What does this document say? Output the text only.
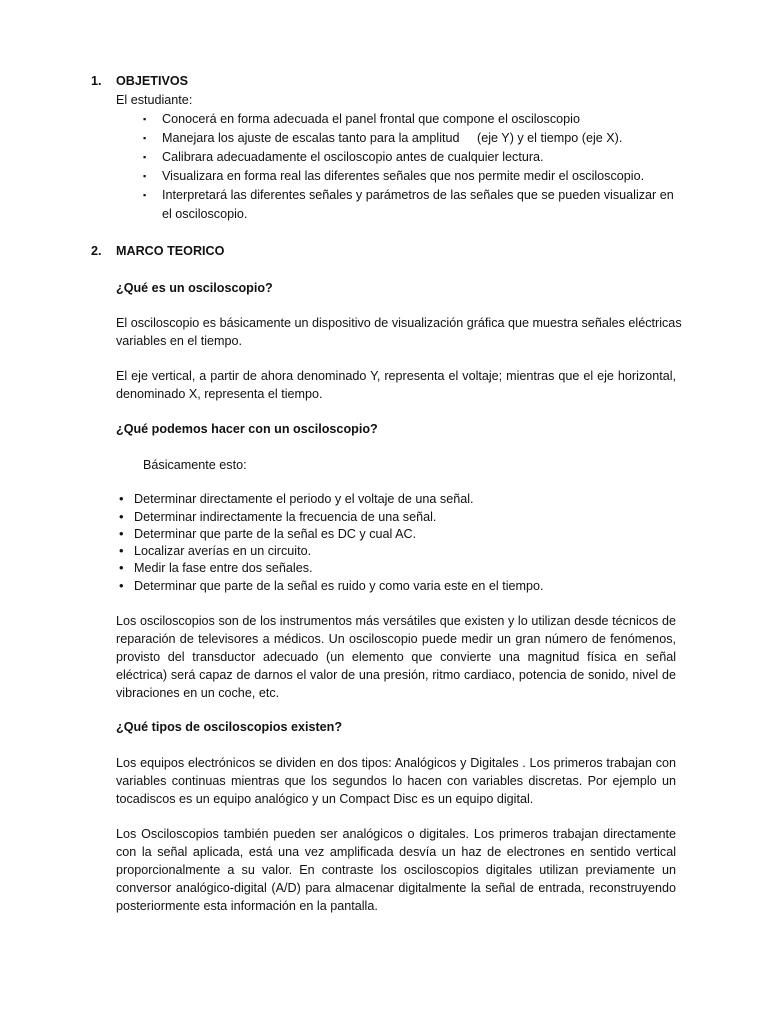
1. OBJETIVOS
El estudiante:
▪ Conocerá en forma adecuada el panel frontal que compone el osciloscopio
▪ Manejara los ajuste de escalas tanto para la amplitud     (eje Y) y el tiempo (eje X).
▪ Calibrara adecuadamente el osciloscopio antes de cualquier lectura.
▪ Visualizara en forma real las diferentes señales que nos permite medir el osciloscopio.
▪ Interpretará las diferentes señales y parámetros de las señales que se pueden visualizar en
el osciloscopio.
2. MARCO TEORICO
¿Qué es un osciloscopio?
El osciloscopio es básicamente un dispositivo de visualización gráfica que muestra señales eléctricas
variables en el tiempo.
El eje vertical, a partir de ahora denominado Y, representa el voltaje; mientras que el eje horizontal,
denominado X, representa el tiempo.
¿Qué podemos hacer con un osciloscopio?
Básicamente esto:
• Determinar directamente el periodo y el voltaje de una señal.
• Determinar indirectamente la frecuencia de una señal.
• Determinar que parte de la señal es DC y cual AC.
• Localizar averías en un circuito.
• Medir la fase entre dos señales.
• Determinar que parte de la señal es ruido y como varia este en el tiempo.
Los osciloscopios son de los instrumentos más versátiles que existen y lo utilizan desde técnicos de
reparación de televisores a médicos. Un osciloscopio puede medir un gran número de fenómenos,
provisto del transductor adecuado (un elemento que convierte una magnitud física en señal
eléctrica) será capaz de darnos el valor de una presión, ritmo cardiaco, potencia de sonido, nivel de
vibraciones en un coche, etc.
¿Qué tipos de osciloscopios existen?
Los equipos electrónicos se dividen en dos tipos: Analógicos y Digitales . Los primeros trabajan con
variables continuas mientras que los segundos lo hacen con variables discretas. Por ejemplo un
tocadiscos es un equipo analógico y un Compact Disc es un equipo digital.
Los Osciloscopios también pueden ser analógicos o digitales. Los primeros trabajan directamente
con la señal aplicada, está una vez amplificada desvía un haz de electrones en sentido vertical
proporcionalmente a su valor. En contraste los osciloscopios digitales utilizan previamente un
conversor analógico-digital (A/D) para almacenar digitalmente la señal de entrada, reconstruyendo
posteriormente esta información en la pantalla.
